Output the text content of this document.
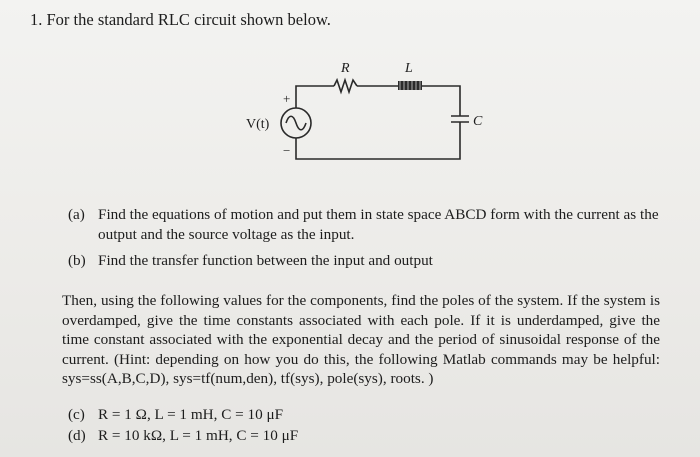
1. For the standard RLC circuit shown below.
R	L
C
V(t)
+
−
(a) Find the equations of motion and put them in state space ABCD form with the current as the output and the source voltage as the input.
(b) Find the transfer function between the input and output
Then, using the following values for the components, find the poles of the system. If the system is overdamped, give the time constants associated with each pole. If it is underdamped, give the time constant associated with the exponential decay and the period of sinusoidal response of the current. (Hint: depending on how you do this, the following Matlab commands may be helpful: sys=ss(A,B,C,D), sys=tf(num,den), tf(sys), pole(sys), roots. )
(c) R = 1 Ω, L = 1 mH, C = 10 μF
(d) R = 10 kΩ, L = 1 mH, C = 10 μF
